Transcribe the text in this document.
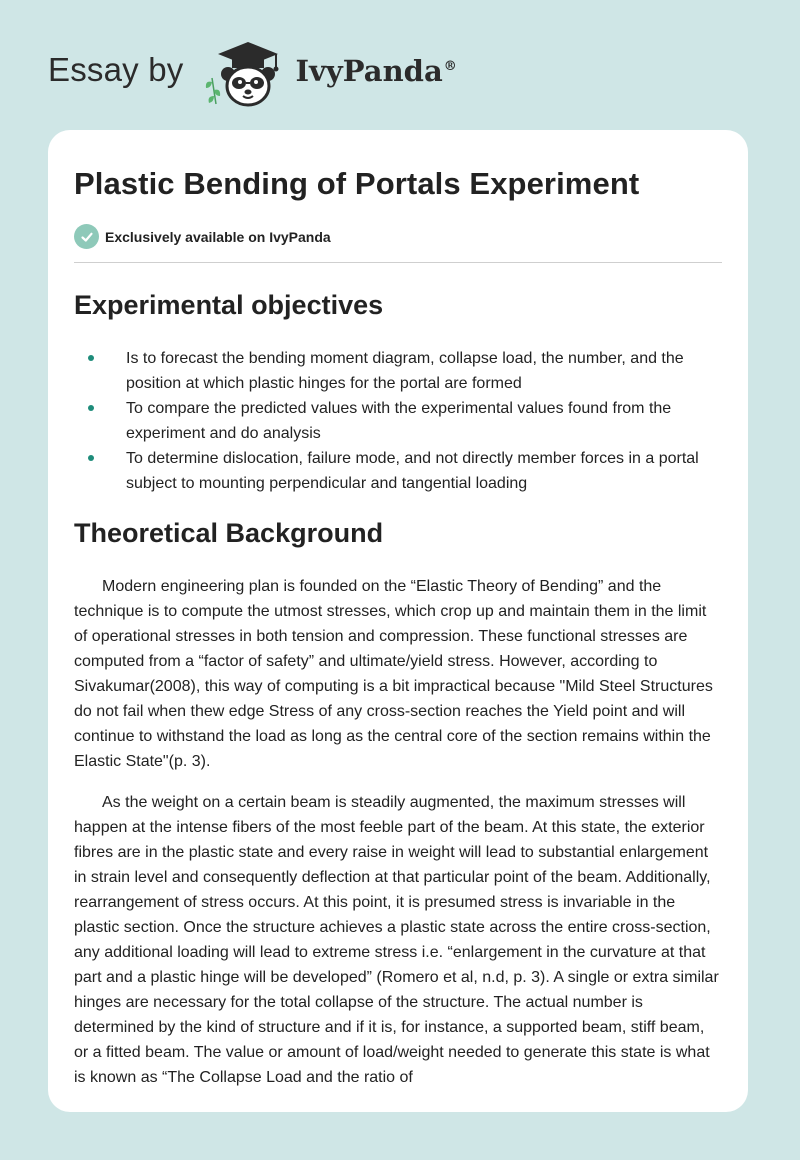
Essay by	IvyPanda®
Plastic Bending of Portals Experiment
Exclusively available on IvyPanda
Experimental objectives
Is to forecast the bending moment diagram, collapse load, the number, and the position at which plastic hinges for the portal are formed
To compare the predicted values with the experimental values found from the experiment and do analysis
To determine dislocation, failure mode, and not directly member forces in a portal subject to mounting perpendicular and tangential loading
Theoretical Background

Modern engineering plan is founded on the “Elastic Theory of Bending” and the technique is to compute the utmost stresses, which crop up and maintain them in the limit of operational stresses in both tension and compression. These functional stresses are computed from a “factor of safety” and ultimate/yield stress. However, according to Sivakumar(2008), this way of computing is a bit impractical because "Mild Steel Structures do not fail when thew edge Stress of any cross-section reaches the Yield point and will continue to withstand the load as long as the central core of the section remains within the Elastic State"(p. 3).

As the weight on a certain beam is steadily augmented, the maximum stresses will happen at the intense fibers of the most feeble part of the beam. At this state, the exterior fibres are in the plastic state and every raise in weight will lead to substantial enlargement in strain level and consequently deflection at that particular point of the beam. Additionally, rearrangement of stress occurs. At this point, it is presumed stress is invariable in the plastic section. Once the structure achieves a plastic state across the entire cross-section, any additional loading will lead to extreme stress i.e. “enlargement in the curvature at that part and a plastic hinge will be developed” (Romero et al, n.d, p. 3). A single or extra similar hinges are necessary for the total collapse of the structure. The actual number is determined by the kind of structure and if it is, for instance, a supported beam, stiff beam, or a fitted beam. The value or amount of load/weight needed to generate this state is what is known as “The Collapse Load and the ratio of
